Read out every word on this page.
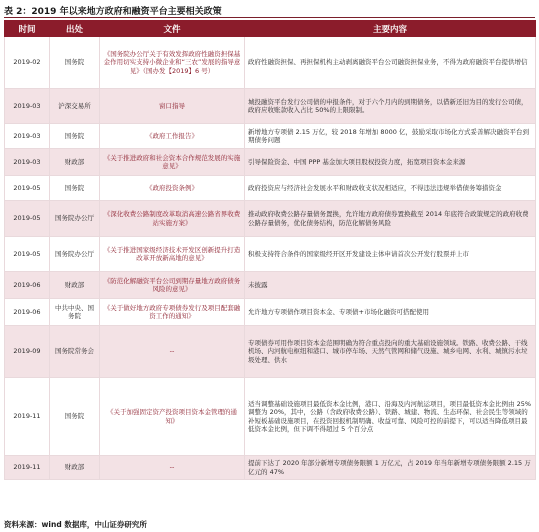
表 2：2019 年以来地方政府和融资平台主要相关政策
时间	出处	文件	主要内容
2019-02	国务院	《国务院办公厅关于有效发挥政府性融资担保基金作用切实支持小微企业和“三农”发展的指导意见》（国办发【2019】6 号）	政府性融资担保、再担保机构主动剥离融资平台公司融资担保业务，不得为政府融资平台提供增信
2019-03	沪深交易所	窗口指导	城投融资平台发行公司债的申报条件，对于六个月内的到期债务，以借新还旧为目的发行公司债，政府应收账款收入占比 50%的上限限制。
2019-03	国务院	《政府工作报告》	新增地方专项债 2.15 万亿，较 2018 年增加 8000 亿，鼓励采取市场化方式妥善解决融资平台到期债务问题
2019-03	财政部	《关于推进政府和社会资本合作规范发展的实施意见》	引导保险资金、中国 PPP 基金加大项目股权投资力度，拓宽项目资本金来源
2019-05	国务院	《政府投资条例》	政府投资应与经济社会发展水平和财政收支状况相适应，不得违法违规举借债务筹措资金
2019-05	国务院办公厅	《深化收费公路制度改革取消高速公路省界收费站实施方案》	推动政府收费公路存量债务置换，允许地方政府债券置换截至 2014 年底符合政策规定的政府收费公路存量债务，优化债务结构，防范化解债务风险
2019-05	国务院办公厅	《关于推进国家级经济技术开发区创新提升打造改革开放新高地的意见》	积极支持符合条件的国家级经开区开发建设主体申请首次公开发行股票并上市
2019-06	财政部	《防范化解融资平台公司到期存量地方政府债务风险的意见》	未披露
2019-06	中共中央、国务院	《关于做好地方政府专项债券发行及项目配套融资工作的通知》	允许地方专项债作项目资本金、专项债+市场化融资可搭配使用
2019-09	国务院常务会	--	专项债券可用作项目资本金范围明确为符合重点投向的重大基础设施领域。铁路、收费公路、干线机场、内河航电枢纽和港口、城市停车场、天然气管网和储气设施、城乡电网、水利、城镇污水垃圾处理、供水
2019-11	国务院	《关于加强固定资产投资项目资本金管理的通知》	适当调整基础设施项目最低资本金比例，港口、沿海及内河航运项目，项目最低资本金比例由 25%调整为 20%，其中，公路（含政府收费公路）、铁路、城建、物流、生态环保、社会民生等领域的补短板基础设施项目，在投资回报机制明确、收益可靠、风险可控的前提下，可以适当降低项目最低资本金比例，但下调不得超过 5 个百分点
2019-11	财政部	--	提前下达了 2020 年部分新增专项债务限额 1 万亿元，占 2019 年当年新增专项债务限额 2.15 万亿元的 47%
资料来源：wind 数据库，中山证券研究所
